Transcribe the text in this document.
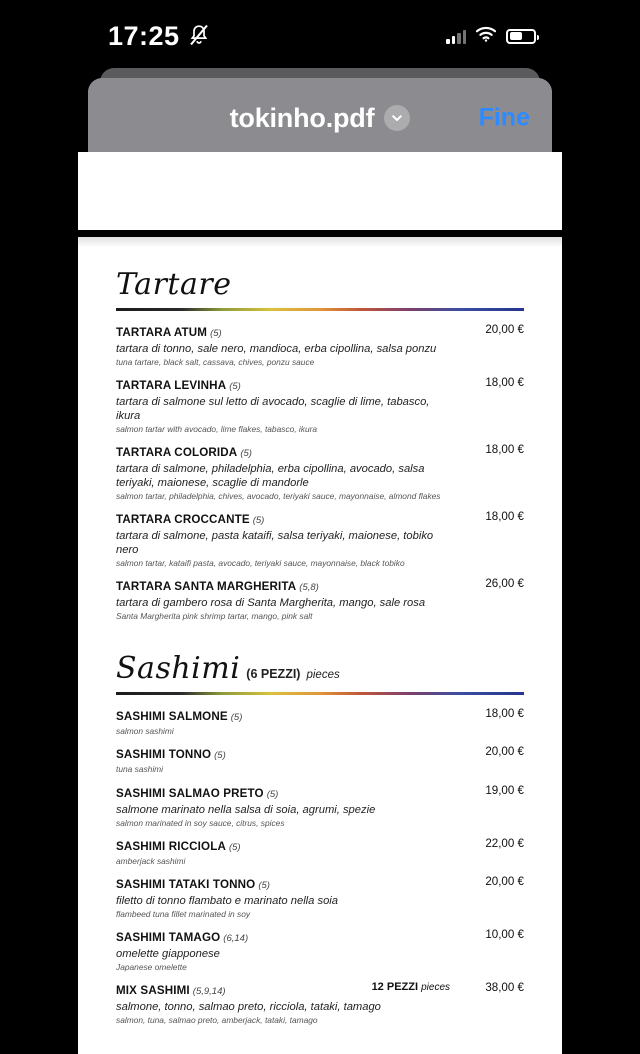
17:25
tokinho.pdf	Fine
Tartare
TARTARA ATUM (5)
tartara di tonno, sale nero, mandioca, erba cipollina, salsa ponzu
tuna tartare, black salt, cassava, chives, ponzu sauce
20,00 €
TARTARA LEVINHA (5)
tartara di salmone sul letto di avocado, scaglie di lime, tabasco, ikura
salmon tartar with avocado, lime flakes, tabasco, ikura
18,00 €
TARTARA COLORIDA (5)
tartara di salmone, philadelphia, erba cipollina, avocado, salsa teriyaki, maionese, scaglie di mandorle
salmon tartar, philadelphia, chives, avocado, teriyaki sauce, mayonnaise, almond flakes
18,00 €
TARTARA CROCCANTE (5)
tartara di salmone, pasta kataifi, salsa teriyaki, maionese, tobiko nero
salmon tartar, kataifi pasta, avocado, teriyaki sauce, mayonnaise, black tobiko
18,00 €
TARTARA SANTA MARGHERITA (5,8)
tartara di gambero rosa di Santa Margherita, mango, sale rosa
Santa Margherita pink shrimp tartar, mango, pink salt
26,00 €
Sashimi (6 PEZZI) pieces
SASHIMI SALMONE (5)
salmon sashimi
18,00 €
SASHIMI TONNO (5)
tuna sashimi
20,00 €
SASHIMI SALMAO PRETO (5)
salmone marinato nella salsa di soia, agrumi, spezie
salmon marinated in soy sauce, citrus, spices
19,00 €
SASHIMI RICCIOLA (5)
amberjack sashimi
22,00 €
SASHIMI TATAKI TONNO (5)
filetto di tonno flambato e marinato nella soia
flambeed tuna fillet marinated in soy
20,00 €
SASHIMI TAMAGO (6,14)
omelette giapponese
Japanese omelette
10,00 €
MIX SASHIMI (5,9,14)	12 PEZZI pieces
salmone, tonno, salmao preto, ricciola, tataki, tamago
salmon, tuna, salmao preto, amberjack, tataki, tamago
38,00 €
